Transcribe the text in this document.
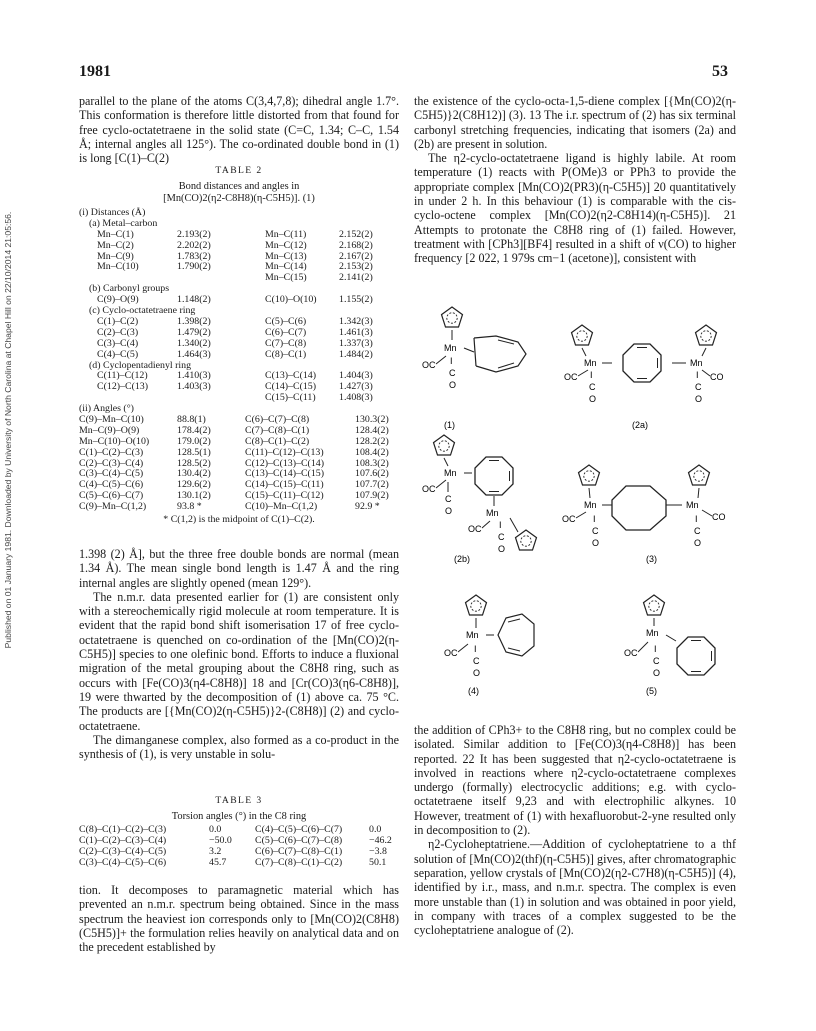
1981	53
Published on 01 January 1981. Downloaded by University of North Carolina at Chapel Hill on 22/10/2014 21:05:56.

parallel to the plane of the atoms C(3,4,7,8); dihedral angle 1.7°. This conformation is therefore little distorted from that found for free cyclo-octatetraene in the solid state (C=C, 1.34; C–C, 1.54 Å; internal angles all 125°). The co-ordinated double bond in (1) is long [C(1)–C(2)

TABLE 2
Bond distances and angles in
[Mn(CO)2(η2-C8H8)(η-C5H5)]. (1)
(i) Distances (Å)
(a) Metal–carbon
Mn–C(1)	2.193(2)	Mn–C(11)	2.152(2)
Mn–C(2)	2.202(2)	Mn–C(12)	2.168(2)
Mn–C(9)	1.783(2)	Mn–C(13)	2.167(2)
Mn–C(10)	1.790(2)	Mn–C(14)	2.153(2)
Mn–C(15)	2.141(2)
(b) Carbonyl groups
C(9)–O(9)	1.148(2)	C(10)–O(10) 1.155(2)
(c) Cyclo-octatetraene ring
C(1)–C(2)	1.398(2)	C(5)–C(6)	1.342(3)
C(2)–C(3)	1.479(2)	C(6)–C(7)	1.461(3)
C(3)–C(4)	1.340(2)	C(7)–C(8)	1.337(3)
C(4)–C(5)	1.464(3)	C(8)–C(1)	1.484(2)
(d) Cyclopentadienyl ring
C(11)–C(12)	1.410(3)	C(13)–C(14) 1.404(3)
C(12)–C(13)	1.403(3)	C(14)–C(15) 1.427(3)
C(15)–C(11) 1.408(3)
(ii) Angles (°)
C(9)–Mn–C(10)	88.8(1)	C(6)–C(7)–C(8)	130.3(2)
Mn–C(9)–O(9)	178.4(2)	C(7)–C(8)–C(1)	128.4(2)
Mn–C(10)–O(10)	179.0(2)	C(8)–C(1)–C(2)	128.2(2)
C(1)–C(2)–C(3)	128.5(1)	C(11)–C(12)–C(13)	108.4(2)
C(2)–C(3)–C(4)	128.5(2)	C(12)–C(13)–C(14)	108.3(2)
C(3)–C(4)–C(5)	130.4(2)	C(13)–C(14)–C(15)	107.6(2)
C(4)–C(5)–C(6)	129.6(2)	C(14)–C(15)–C(11)	107.7(2)
C(5)–C(6)–C(7)	130.1(2)	C(15)–C(11)–C(12)	107.9(2)
C(9)–Mn–C(1,2)	93.8 *	C(10)–Mn–C(1,2)	92.9 *
* C(1,2) is the midpoint of C(1)–C(2).

1.398 (2) Å], but the three free double bonds are normal (mean 1.34 Å). The mean single bond length is 1.47 Å and the ring internal angles are slightly opened (mean 129°).

The n.m.r. data presented earlier for (1) are consistent only with a stereochemically rigid molecule at room temperature. It is evident that the rapid bond shift isomerisation 17 of free cyclo-octatetraene is quenched on co-ordination of the [Mn(CO)2(η-C5H5)] species to one olefinic bond. Efforts to induce a fluxional migration of the metal grouping about the C8H8 ring, such as occurs with [Fe(CO)3(η4-C8H8)] 18 and [Cr(CO)3(η6-C8H8)], 19 were thwarted by the decomposition of (1) above ca. 75 °C. The products are [{Mn(CO)2(η-C5H5)}2-(C8H8)] (2) and cyclo-octatetraene.

The dimanganese complex, also formed as a co-product in the synthesis of (1), is very unstable in solu-

TABLE 3
Torsion angles (°) in the C8 ring
C(8)–C(1)–C(2)–C(3)	0.0	C(4)–C(5)–C(6)–C(7)	0.0
C(1)–C(2)–C(3)–C(4)	−50.0 C(5)–C(6)–C(7)–C(8)	−46.2
C(2)–C(3)–C(4)–C(5)	3.2	C(6)–C(7)–C(8)–C(1)	−3.8
C(3)–C(4)–C(5)–C(6)	45.7	C(7)–C(8)–C(1)–C(2)	50.1

tion. It decomposes to paramagnetic material which has prevented an n.m.r. spectrum being obtained. Since in the mass spectrum the heaviest ion corresponds only to [Mn(CO)2(C8H8)(C5H5)]+ the formulation relies heavily on analytical data and on the precedent established by

the existence of the cyclo-octa-1,5-diene complex [{Mn(CO)2(η-C5H5)}2(C8H12)] (3). 13 The i.r. spectrum of (2) has six terminal carbonyl stretching frequencies, indicating that isomers (2a) and (2b) are present in solution.

The η2-cyclo-octatetraene ligand is highly labile. At room temperature (1) reacts with P(OMe)3 or PPh3 to provide the appropriate complex [Mn(CO)2(PR3)(η-C5H5)] 20 quantitatively in under 2 h. In this behaviour (1) is comparable with the cis-cyclo-octene complex [Mn(CO)2(η2-C8H14)(η-C5H5)]. 21 Attempts to protonate the C8H8 ring of (1) failed. However, treatment with [CPh3][BF4] resulted in a shift of ν(CO) to higher frequency [2 022, 1 979s cm−1 (acetone)], consistent with

Mn
OC I
C
O
(1)
Mn	Mn
OC I
C
O
I
C
O
CO
(2a)
Mn
OC
C
O	Mn
OC I
C
O
(2b)
Mn	Mn
OC I
C
O
I
C
O
CO
(3)
Mn
OC I
C
O
(4)
Mn
OC I
C
O
(5)

the addition of CPh3+ to the C8H8 ring, but no complex could be isolated. Similar addition to [Fe(CO)3(η4-C8H8)] has been reported. 22 It has been suggested that η2-cyclo-octatetraene is involved in reactions where η2-cyclo-octatetraene complexes undergo (formally) electrocyclic additions; e.g. with cyclo-octatetraene itself 9,23 and with electrophilic alkynes. 10 However, treatment of (1) with hexafluorobut-2-yne resulted only in decomposition to (2).

η2-Cycloheptatriene.—Addition of cycloheptatriene to a thf solution of [Mn(CO)2(thf)(η-C5H5)] gives, after chromatographic separation, yellow crystals of [Mn(CO)2(η2-C7H8)(η-C5H5)] (4), identified by i.r., mass, and n.m.r. spectra. The complex is even more unstable than (1) in solution and was obtained in poor yield, in company with traces of a complex suggested to be the cycloheptatriene analogue of (2).
